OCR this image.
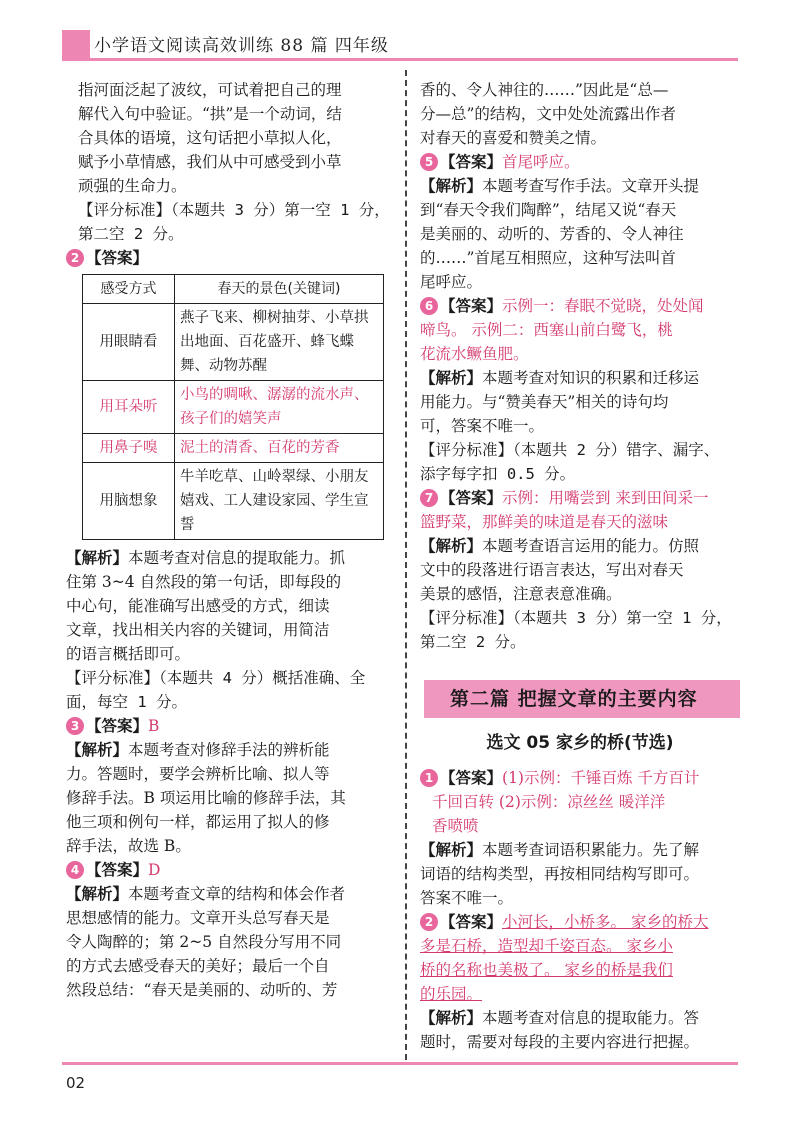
小学语文阅读高效训练 88 篇 四年级

指河面泛起了波纹，可试着把自己的理

解代入句中验证。“拱”是一个动词，结

合具体的语境，这句话把小草拟人化，

赋予小草情感，我们从中可感受到小草

顽强的生命力。

【评分标准】（本题共 3 分）第一空 1 分，

第二空 2 分。

2 【答案】

感受方式	春天的景色(关键词)
用眼睛看	燕子飞来、柳树抽芽、小草拱出地面、百花盛开、蜂飞蝶舞、动物苏醒
用耳朵听	小鸟的啁啾、潺潺的流水声、孩子们的嬉笑声
用鼻子嗅	泥土的清香、百花的芳香
用脑想象	牛羊吃草、山岭翠绿、小朋友嬉戏、工人建设家园、学生宣誓

【解析】本题考查对信息的提取能力。抓

住第 3~4 自然段的第一句话，即每段的

中心句，能准确写出感受的方式，细读

文章，找出相关内容的关键词，用简洁

的语言概括即可。

【评分标准】（本题共 4 分）概括准确、全

面，每空 1 分。

3 【答案】B

【解析】本题考查对修辞手法的辨析能

力。答题时，要学会辨析比喻、拟人等

修辞手法。B 项运用比喻的修辞手法，其

他三项和例句一样，都运用了拟人的修

辞手法，故选 B。

4 【答案】D

【解析】本题考查文章的结构和体会作者

思想感情的能力。文章开头总写春天是

令人陶醉的；第 2~5 自然段分写用不同

的方式去感受春天的美好；最后一个自

然段总结：“春天是美丽的、动听的、芳

香的、令人神往的……”因此是“总—

分—总”的结构，文中处处流露出作者

对春天的喜爱和赞美之情。

5 【答案】首尾呼应。

【解析】本题考查写作手法。文章开头提

到“春天令我们陶醉”，结尾又说“春天

是美丽的、动听的、芳香的、令人神往

的……”首尾互相照应，这种写法叫首

尾呼应。

6 【答案】示例一：春眠不觉晓，处处闻

啼鸟。 示例二：西塞山前白鹭飞，桃

花流水鳜鱼肥。

【解析】本题考查对知识的积累和迁移运

用能力。与“赞美春天”相关的诗句均

可，答案不唯一。

【评分标准】（本题共 2 分）错字、漏字、

添字每字扣 0.5 分。

7 【答案】示例：用嘴尝到 来到田间采一

篮野菜，那鲜美的味道是春天的滋味

【解析】本题考查语言运用的能力。仿照

文中的段落进行语言表达，写出对春天

美景的感悟，注意表意准确。

【评分标准】（本题共 3 分）第一空 1 分，

第二空 2 分。

第二篇 把握文章的主要内容
选文 05 家乡的桥(节选)

1 【答案】(1)示例：千锤百炼 千方百计

千回百转 (2)示例：凉丝丝 暖洋洋

香喷喷

【解析】本题考查词语积累能力。先了解

词语的结构类型，再按相同结构写即可。

答案不唯一。

2 【答案】小河长，小桥多。 家乡的桥大

多是石桥，造型却千姿百态。 家乡小

桥的名称也美极了。 家乡的桥是我们

的乐园。

【解析】本题考查对信息的提取能力。答

题时，需要对每段的主要内容进行把握。

02
